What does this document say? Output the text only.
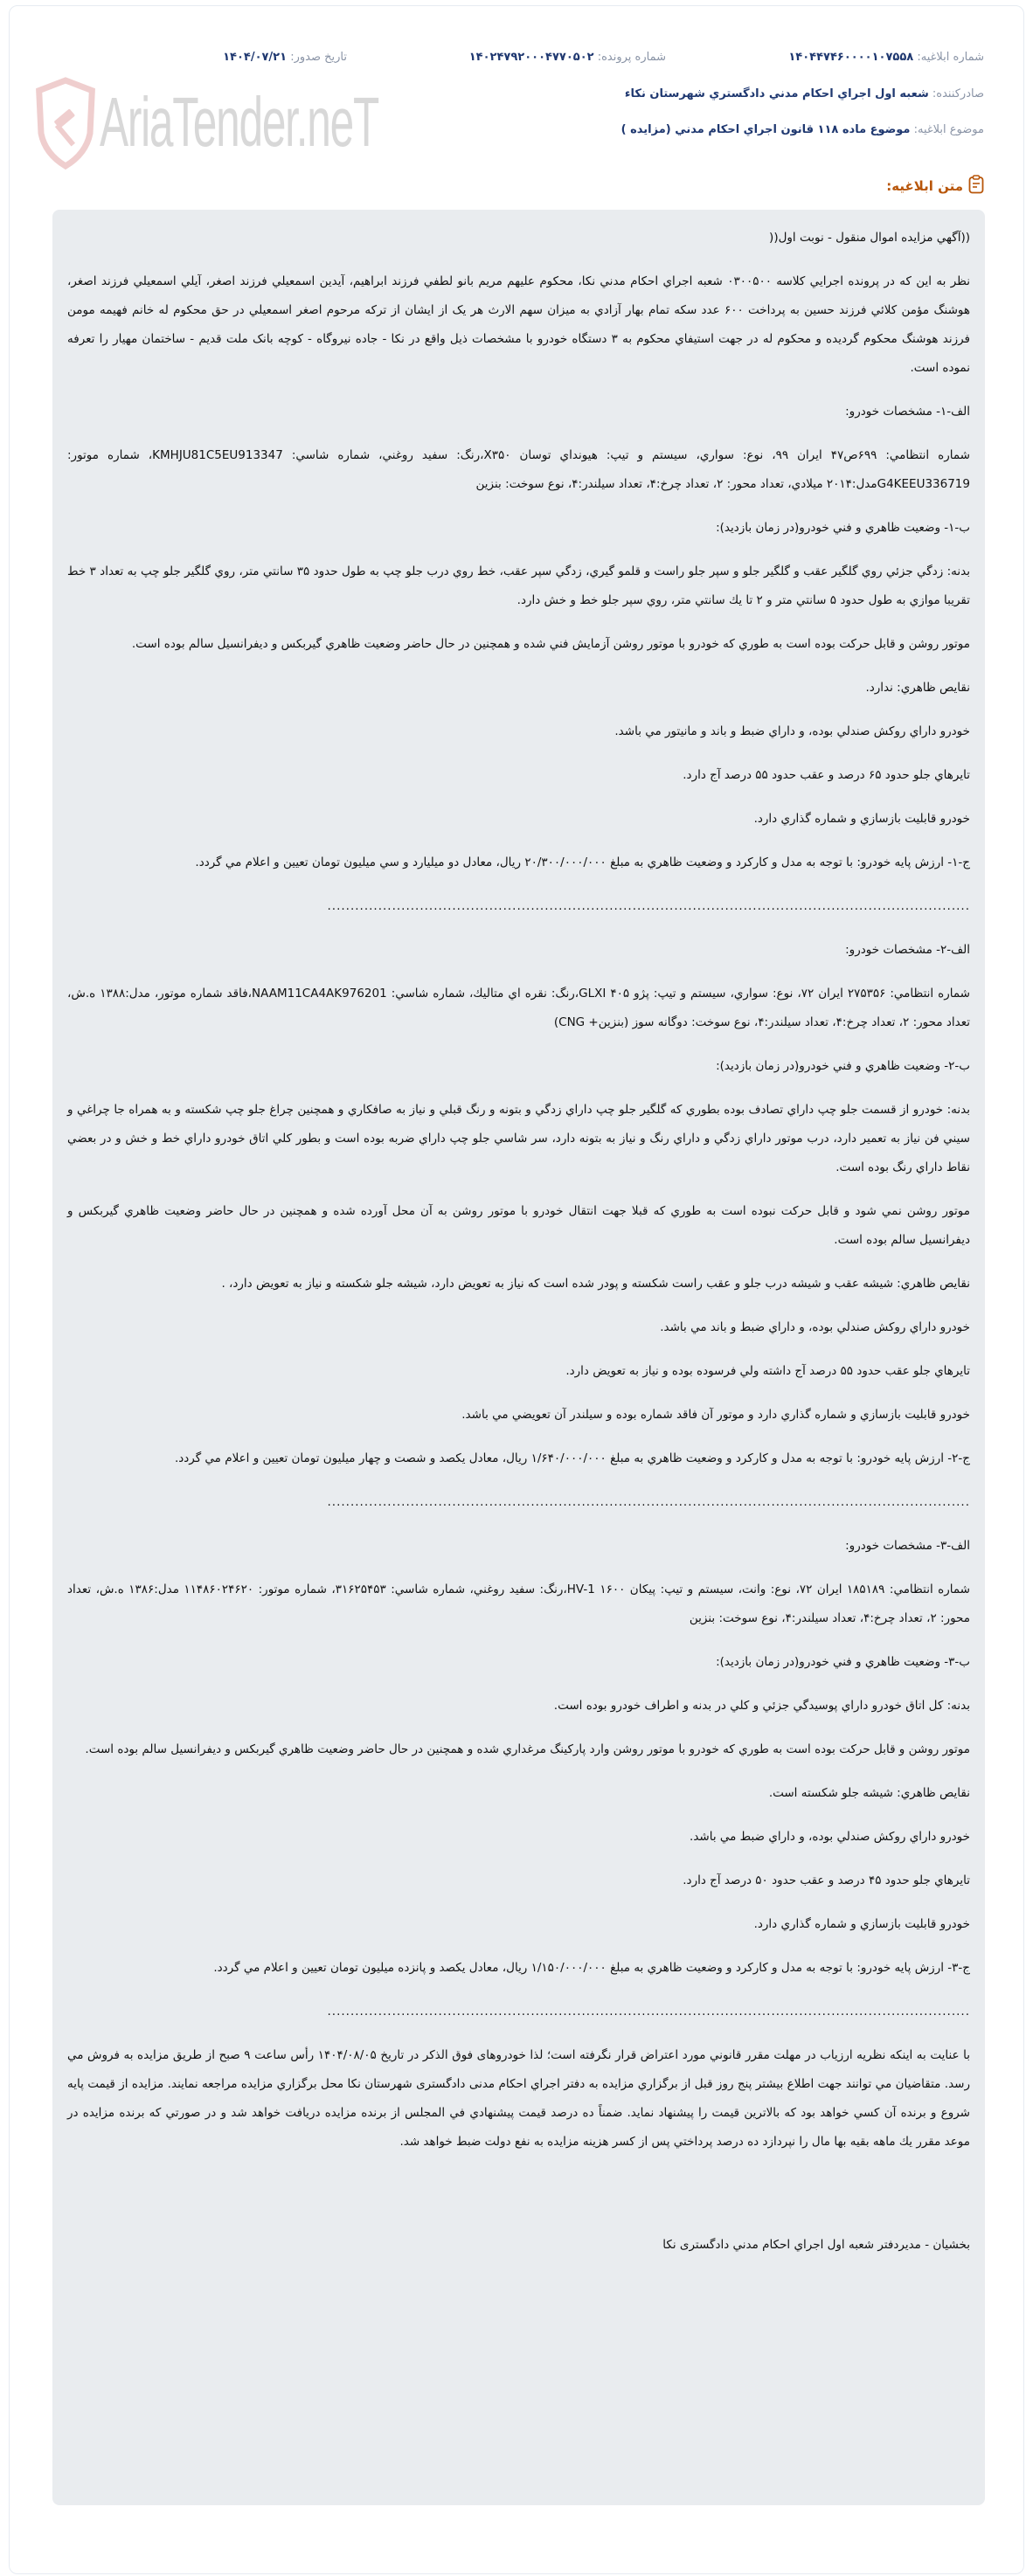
AriaTender.neT
شماره ابلاغيه: ۱۴۰۴۴۷۴۶۰۰۰۰۱۰۷۵۵۸
شماره پرونده: ۱۴۰۲۴۷۹۲۰۰۰۴۷۷۰۵۰۲
تاريخ صدور: ۱۴۰۴/۰۷/۲۱
صادرکننده: شعبه اول اجراي احكام مدني دادگستري شهرستان نكاء
موضوع ابلاغيه: موضوع ماده ۱۱۸ قانون اجراي احكام مدني (مزايده )
متن ابلاغيه:

((آگهي مزايده اموال منقول - نوبت اول((

نظر به اين که در پرونده اجرايي كلاسه ۰۳۰۰۵۰۰ شعبه اجراي احكام مدني نكا، محكوم عليهم مريم بانو لطفي فرزند ابراهيم، آيدين اسمعيلي فرزند اصغر، آيلي اسمعيلي فرزند اصغر، هوشنگ مؤمن كلائي فرزند حسين به پرداخت ۶۰۰ عدد سكه تمام بهار آزادي به ميزان سهم الارث هر يک از ايشان از ترکه مرحوم اصغر اسمعيلي در حق محکوم له خانم فهيمه مومن فرزند هوشنگ محکوم گرديده و محکوم له در جهت استيفاي محکوم به ۳ دستگاه خودرو با مشخصات ذيل واقع در نکا - جاده نيروگاه - کوچه بانک ملت قديم - ساختمان مهيار را تعرفه نموده است.

الف-۱- مشخصات خودرو:

شماره انتظامي: ۶۹۹ص۴۷ ايران ۹۹، نوع: سواري، سيستم و تيپ: هيونداي توسان X۳۵۰،رنگ: سفيد روغني، شماره شاسي: KMHJU81C5EU913347، شماره موتور: G4KEEU336719مدل:۲۰۱۴ ميلادي، تعداد محور: ۲، تعداد چرخ:۴، تعداد سيلندر:۴، نوع سوخت: بنزين

ب-۱- وضعيت ظاهري و فني خودرو(در زمان بازديد):

بدنه: زدگي جزئي روي گلگير عقب و گلگير جلو و سپر جلو راست و قلمو گيري، زدگي سپر عقب، خط روي درب جلو چپ به طول حدود ۳۵ سانتي متر، روي گلگير جلو چپ به تعداد ۳ خط تقريبا موازي به طول حدود ۵ سانتي متر و ۲ تا يك سانتي متر، روي سپر جلو خط و خش دارد.

موتور روشن و قابل حركت بوده است به طوري كه خودرو با موتور روشن آزمايش فني شده و همچنين در حال حاضر وضعيت ظاهري گيربكس و ديفرانسيل سالم بوده است.

نقايص ظاهري: ندارد.

خودرو داراي روكش صندلي بوده، و داراي ضبط و باند و مانيتور مي باشد.

تايرهاي جلو حدود ۶۵ درصد و عقب حدود ۵۵ درصد آج دارد.

خودرو قابليت بازسازي و شماره گذاري دارد.

ج-۱- ارزش پايه خودرو: با توجه به مدل و كاركرد و وضعيت ظاهري به مبلغ ۲۰/۳۰۰/۰۰۰/۰۰۰ ريال، معادل دو ميليارد و سي ميليون تومان تعيين و اعلام مي گردد.

...........................................................................................................................................

الف-۲- مشخصات خودرو:

شماره انتظامي: ۲۷۵۳۵۶ ايران ۷۲، نوع: سواري، سيستم و تيپ: پژو ۴۰۵ GLXI،رنگ: نقره اي متاليك، شماره شاسي: NAAM11CA4AK976201،فاقد شماره موتور، مدل:۱۳۸۸ ه.ش، تعداد محور: ۲، تعداد چرخ:۴، تعداد سيلندر:۴، نوع سوخت: دوگانه سوز (بنزين+ CNG)

ب-۲- وضعيت ظاهري و فني خودرو(در زمان بازديد):

بدنه: خودرو از قسمت جلو چپ داراي تصادف بوده بطوري كه گلگير جلو چپ داراي زدگي و بتونه و رنگ قبلي و نياز به صافكاري و همچنين چراغ جلو چپ شكسته و به همراه جا چراغي و سيني فن نياز به تعمير دارد، درب موتور داراي زدگي و داراي رنگ و نياز به بتونه دارد، سر شاسي جلو چپ داراي ضربه بوده است و بطور كلي اتاق خودرو داراي خط و خش و در بعضي نقاط داراي رنگ بوده است.

موتور روشن نمي شود و قابل حركت نبوده است به طوري كه قبلا جهت انتقال خودرو با موتور روشن به آن محل آورده شده و همچنين در حال حاضر وضعيت ظاهري گيربكس و ديفرانسيل سالم بوده است.

نقايص ظاهري: شيشه عقب و شيشه درب جلو و عقب راست شكسته و پودر شده است كه نياز به تعويض دارد، شيشه جلو شكسته و نياز به تعويض دارد، .

خودرو داراي روكش صندلي بوده، و داراي ضبط و باند مي باشد.

تايرهاي جلو عقب حدود ۵۵ درصد آج داشته ولي فرسوده بوده و نياز به تعويض دارد.

خودرو قابليت بازسازي و شماره گذاري دارد و موتور آن فاقد شماره بوده و سيلندر آن تعويضي مي باشد.

ج-۲- ارزش پايه خودرو: با توجه به مدل و كاركرد و وضعيت ظاهري به مبلغ ۱/۶۴۰/۰۰۰/۰۰۰ ريال، معادل يكصد و شصت و چهار ميليون تومان تعيين و اعلام مي گردد.

...........................................................................................................................................

الف-۳- مشخصات خودرو:

شماره انتظامي: ۱۸۵۱۸۹ ايران ۷۲، نوع: وانت، سيستم و تيپ: پيكان ۱۶۰۰ HV-1،رنگ: سفيد روغني، شماره شاسي: ۳۱۶۲۵۴۵۳، شماره موتور: ۱۱۴۸۶۰۲۴۶۲۰ مدل:۱۳۸۶ ه.ش، تعداد محور: ۲، تعداد چرخ:۴، تعداد سيلندر:۴، نوع سوخت: بنزين

ب-۳- وضعيت ظاهري و فني خودرو(در زمان بازديد):

بدنه: كل اتاق خودرو داراي پوسيدگي جزئي و كلي در بدنه و اطراف خودرو بوده است.

موتور روشن و قابل حركت بوده است به طوري كه خودرو با موتور روشن وارد پاركينگ مرغداري شده و همچنين در حال حاضر وضعيت ظاهري گيربكس و ديفرانسيل سالم بوده است.

نقايص ظاهري: شيشه جلو شكسته است.

خودرو داراي روكش صندلي بوده، و داراي ضبط مي باشد.

تايرهاي جلو حدود ۴۵ درصد و عقب حدود ۵۰ درصد آج دارد.

خودرو قابليت بازسازي و شماره گذاري دارد.

ج-۳- ارزش پايه خودرو: با توجه به مدل و كاركرد و وضعيت ظاهري به مبلغ ۱/۱۵۰/۰۰۰/۰۰۰ ريال، معادل يكصد و پانزده ميليون تومان تعيين و اعلام مي گردد.

...........................................................................................................................................

با عنايت به اينكه نظريه ارزياب در مهلت مقرر قانوني مورد اعتراض قرار نگرفته است؛ لذا خودروهای فوق الذكر در تاريخ ۱۴۰۴/۰۸/۰۵ رأس ساعت ۹ صبح از طريق مزايده به فروش مي رسد. متقاضيان مي توانند جهت اطلاع بيشتر پنج روز قبل از برگزاري مزايده به دفتر اجراي احكام مدنی دادگستری شهرستان نكا محل برگزاري مزايده مراجعه نمايند. مزايده از قيمت پايه شروع و برنده آن كسي خواهد بود كه بالاترين قيمت را پيشنهاد نمايد. ضمناً ده درصد قيمت پيشنهادي في المجلس از برنده مزايده دريافت خواهد شد و در صورتي كه برنده مزايده در موعد مقرر يك ماهه بقيه بها مال را نپردازد ده درصد پرداختي پس از كسر هزينه مزايده به نفع دولت ضبط خواهد شد.

بخشيان - مديردفتر شعبه اول اجراي احكام مدني دادگستری نكا
